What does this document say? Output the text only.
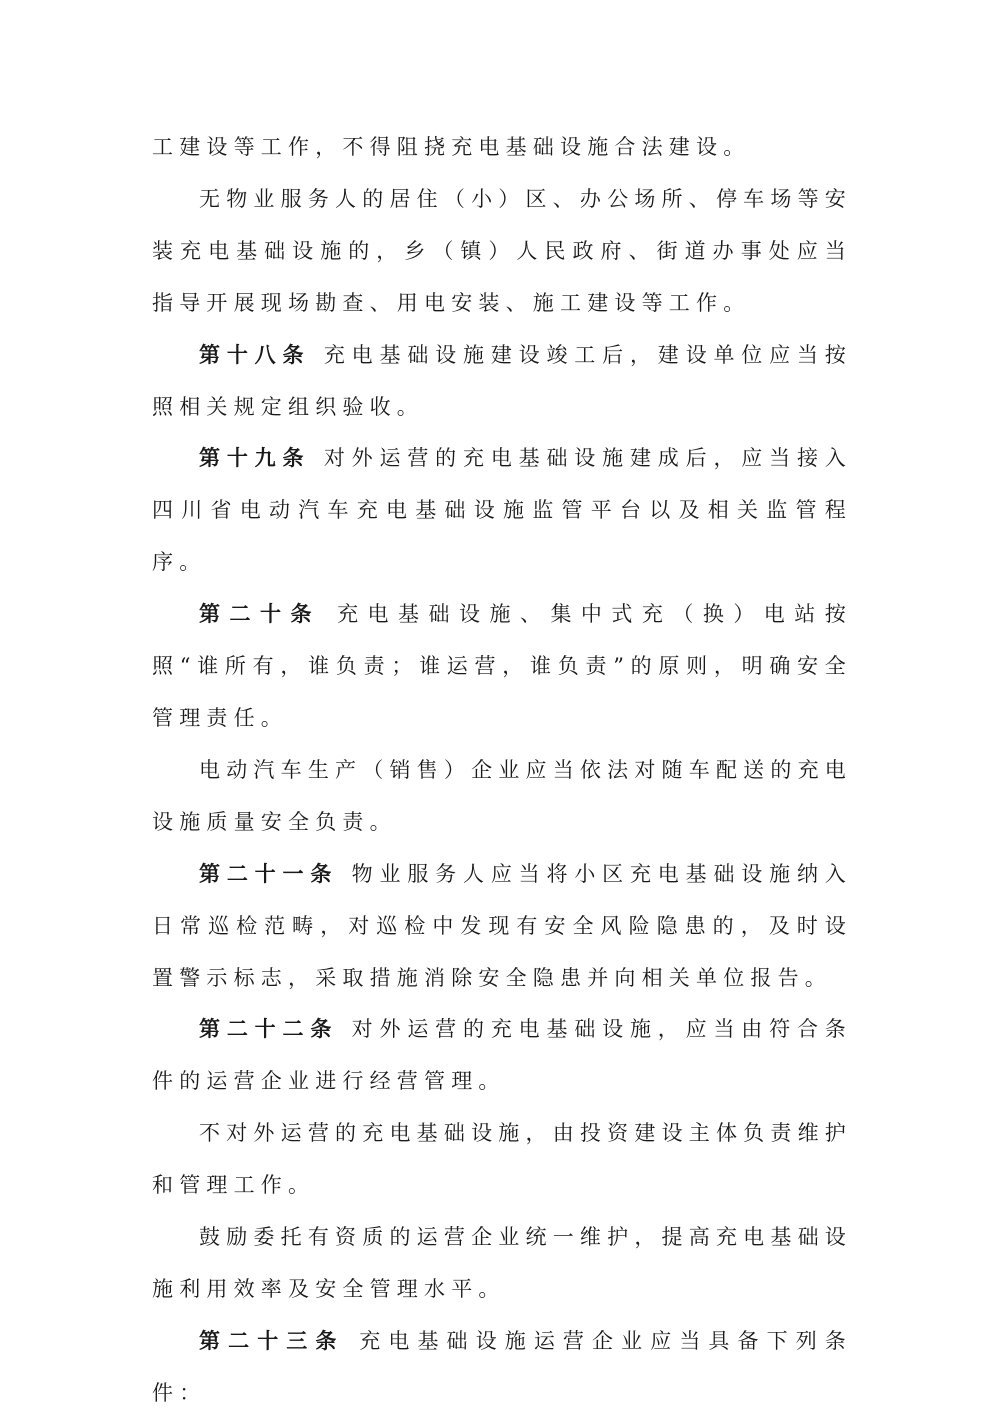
工建设等工作，不得阻挠充电基础设施合法建设。

无物业服务人的居住（小）区、办公场所、停车场等安装充电基础设施的，乡（镇）人民政府、街道办事处应当指导开展现场勘查、用电安装、施工建设等工作。

第十八条 充电基础设施建设竣工后，建设单位应当按照相关规定组织验收。

第十九条 对外运营的充电基础设施建成后，应当接入四川省电动汽车充电基础设施监管平台以及相关监管程序。

第二十条 充电基础设施、集中式充（换）电站按照“谁所有，谁负责；谁运营，谁负责”的原则，明确安全管理责任。

电动汽车生产（销售）企业应当依法对随车配送的充电设施质量安全负责。

第二十一条 物业服务人应当将小区充电基础设施纳入日常巡检范畴，对巡检中发现有安全风险隐患的，及时设置警示标志，采取措施消除安全隐患并向相关单位报告。

第二十二条 对外运营的充电基础设施，应当由符合条件的运营企业进行经营管理。

不对外运营的充电基础设施，由投资建设主体负责维护和管理工作。

鼓励委托有资质的运营企业统一维护，提高充电基础设施利用效率及安全管理水平。

第二十三条 充电基础设施运营企业应当具备下列条件：
